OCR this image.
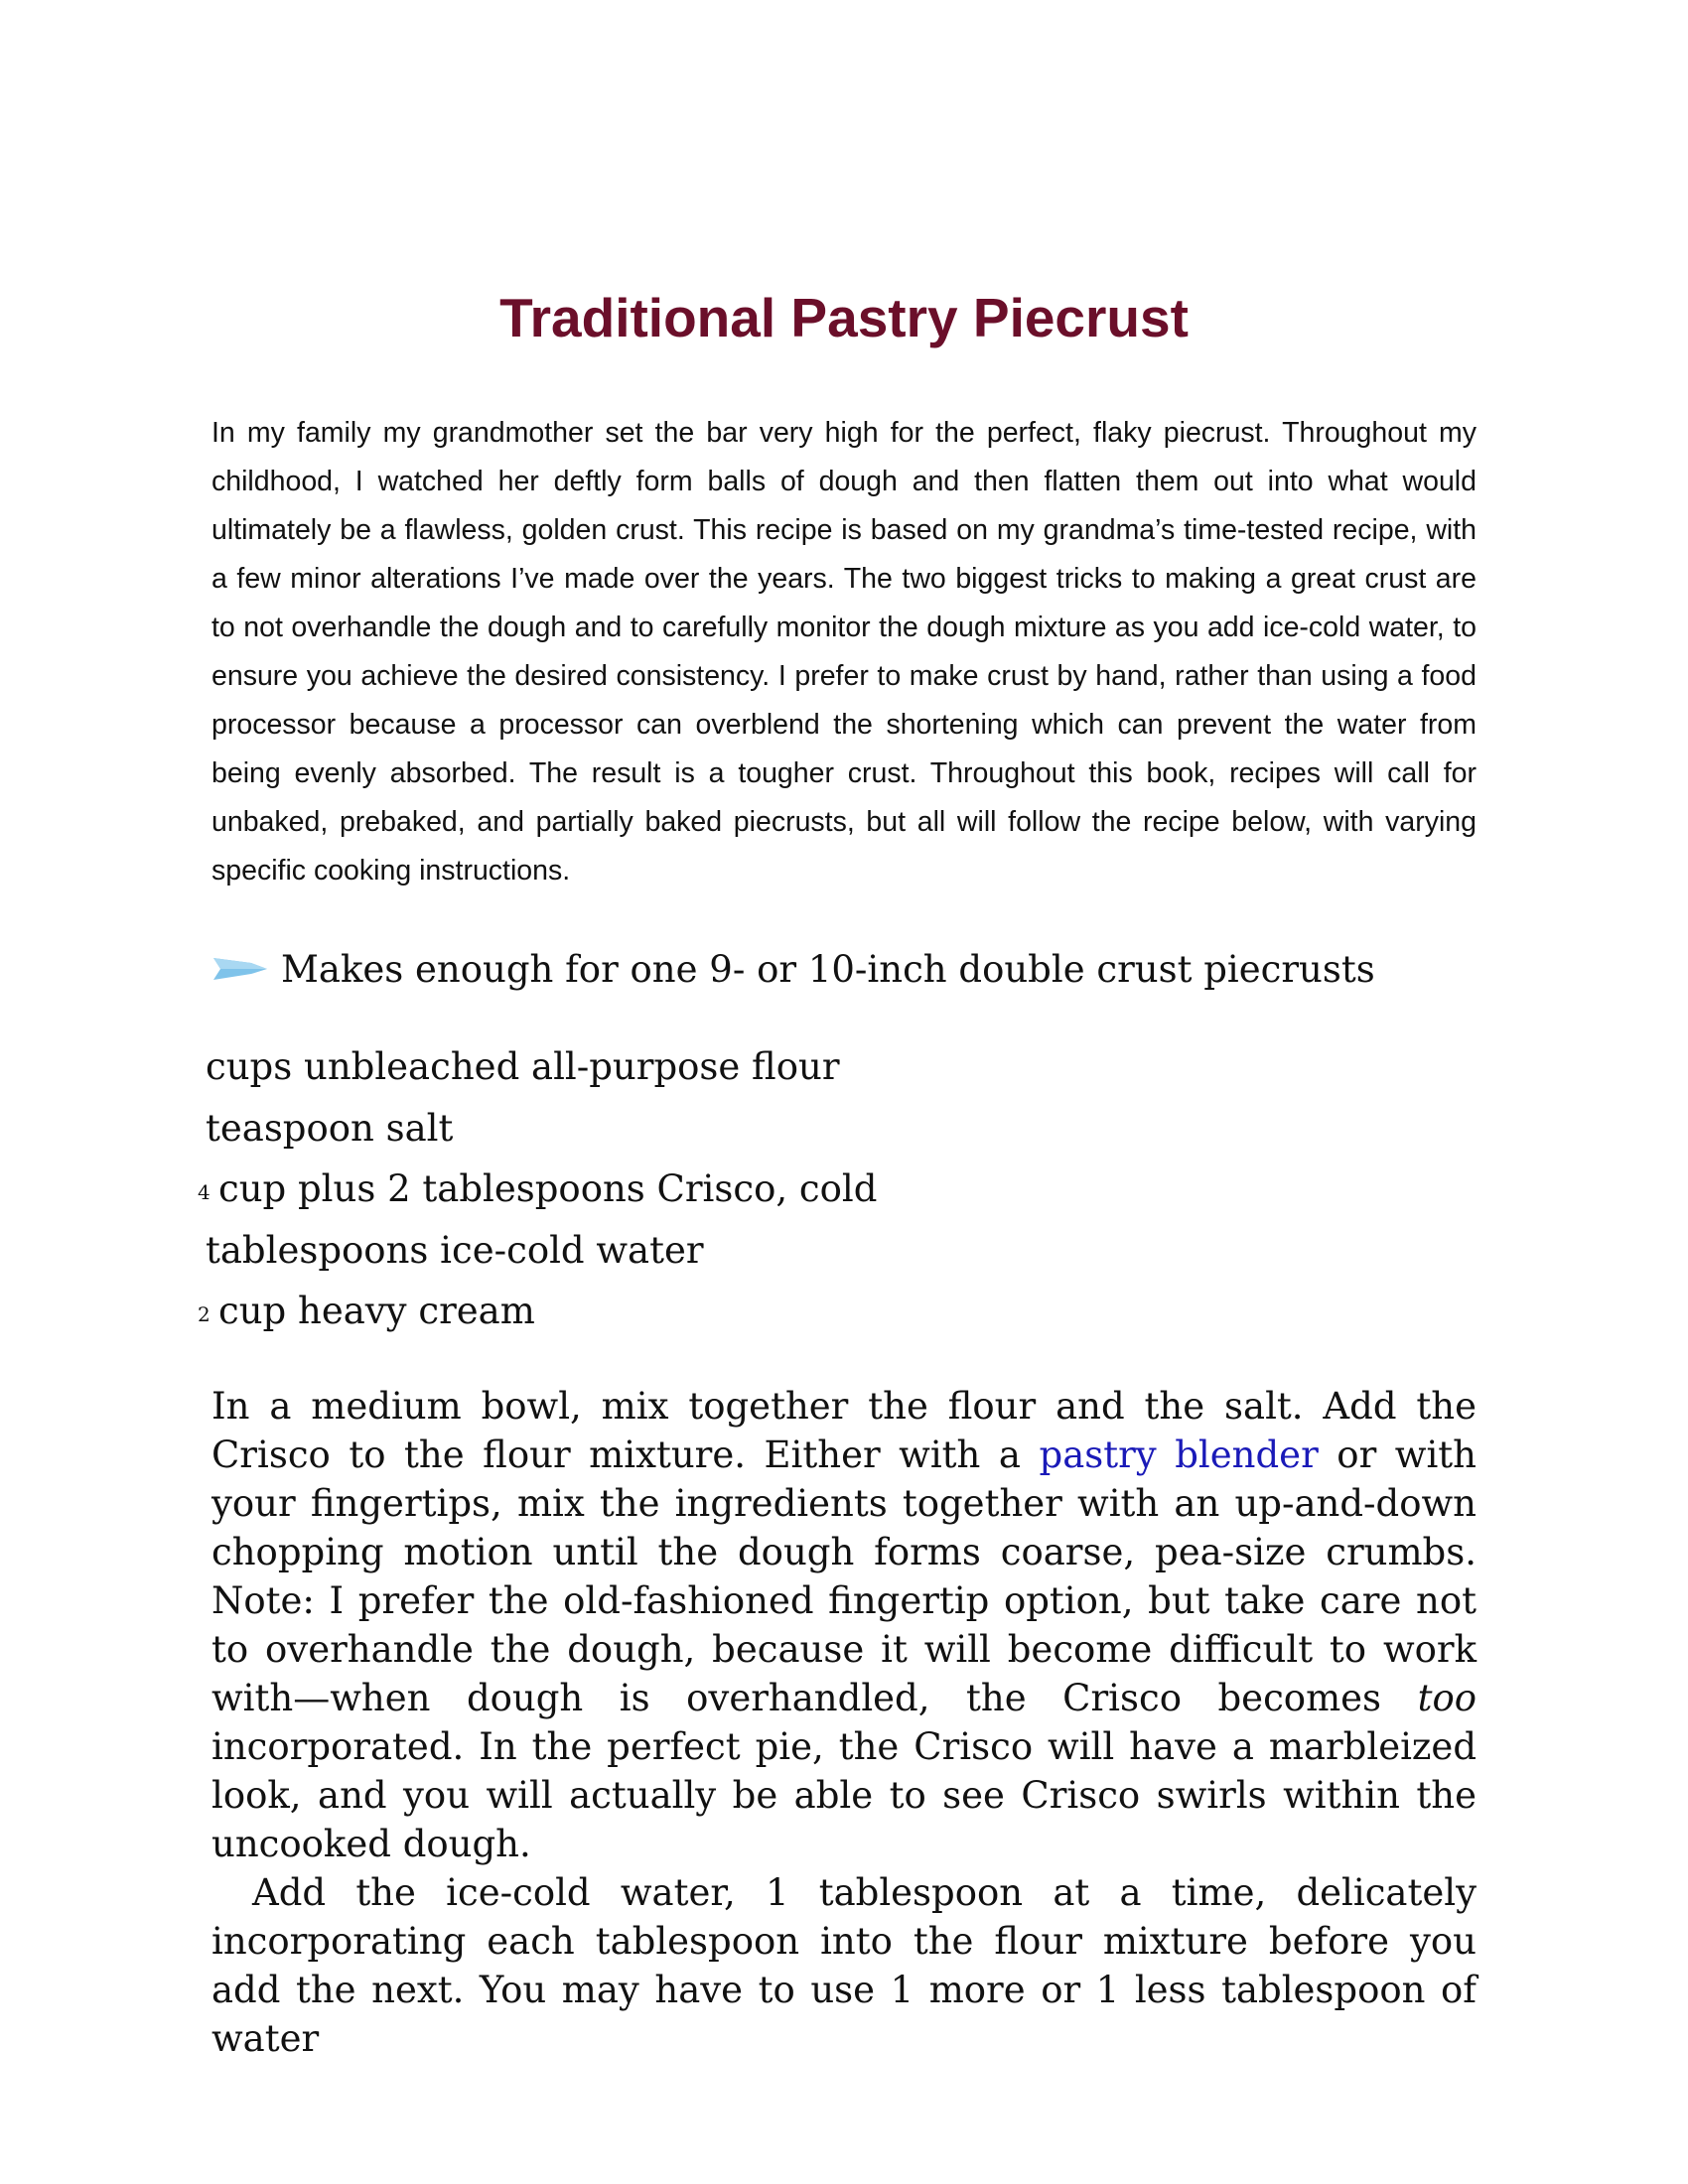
Traditional Pastry Piecrust

In my family my grandmother set the bar very high for the perfect, flaky piecrust. Throughout my childhood, I watched her deftly form balls of dough and then flatten them out into what would ultimately be a flawless, golden crust. This recipe is based on my grandma’s time-tested recipe, with a few minor alterations I’ve made over the years. The two biggest tricks to making a great crust are to not overhandle the dough and to carefully monitor the dough mixture as you add ice-cold water, to ensure you achieve the desired consistency. I prefer to make crust by hand, rather than using a food processor because a processor can overblend the shortening which can prevent the water from being evenly absorbed. The result is a tougher crust. Throughout this book, recipes will call for unbaked, prebaked, and partially baked piecrusts, but all will follow the recipe below, with varying specific cooking instructions.

Makes enough for one 9- or 10-inch double crust piecrusts
cups unbleached all-purpose flour
teaspoon salt
4 cup plus 2 tablespoons Crisco, cold
tablespoons ice-cold water
2 cup heavy cream

In a medium bowl, mix together the flour and the salt. Add the Crisco to the flour mixture. Either with a pastry blender or with your fingertips, mix the ingredients together with an up-and-down chopping motion until the dough forms coarse, pea-size crumbs. Note: I prefer the old-fashioned fingertip option, but take care not to overhandle the dough, because it will become difficult to work with—when dough is overhandled, the Crisco becomes too incorporated. In the perfect pie, the Crisco will have a marbleized look, and you will actually be able to see Crisco swirls within the uncooked dough.

Add the ice-cold water, 1 tablespoon at a time, delicately incorporating each tablespoon into the flour mixture before you add the next. You may have to use 1 more or 1 less tablespoon of water
